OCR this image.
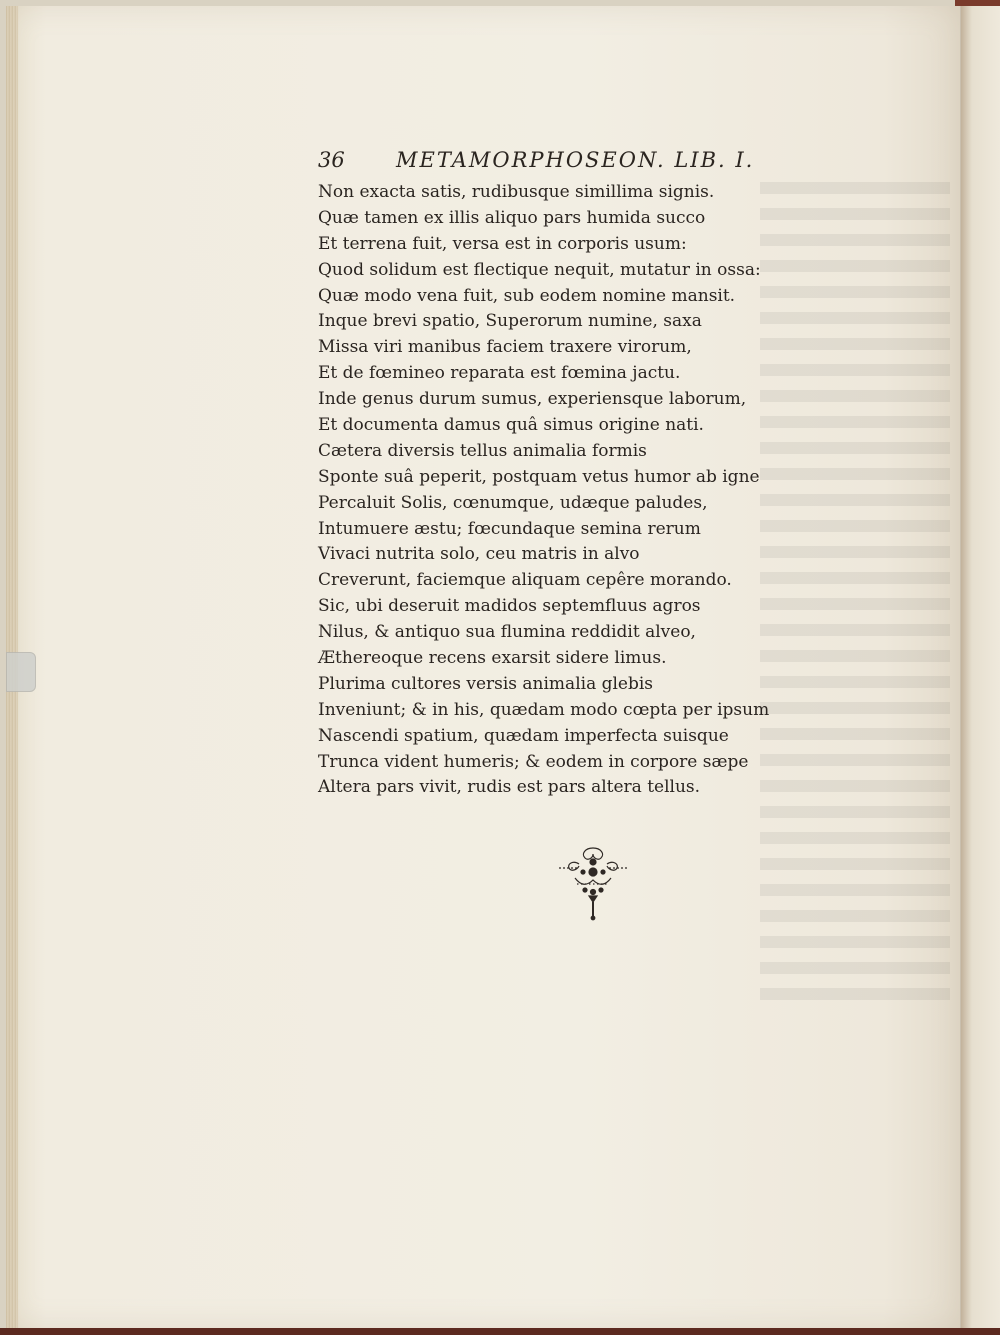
36 METAMORPHOSEON. LIB. I.
Non exacta satis, rudibusque simillima signis.
Quæ tamen ex illis aliquo pars humida succo
Et terrena fuit, versa est in corporis usum:
Quod solidum est flectique nequit, mutatur in ossa:
Quæ modo vena fuit, sub eodem nomine mansit.
Inque brevi spatio, Superorum numine, saxa
Missa viri manibus faciem traxere virorum,
Et de fœmineo reparata est fœmina jactu.
Inde genus durum sumus, experiensque laborum,
Et documenta damus quâ simus origine nati.
Cætera diversis tellus animalia formis
Sponte suâ peperit, postquam vetus humor ab igne
Percaluit Solis, cœnumque, udæque paludes,
Intumuere æstu; fœcundaque semina rerum
Vivaci nutrita solo, ceu matris in alvo
Creverunt, faciemque aliquam cepêre morando.
Sic, ubi deseruit madidos septemfluus agros
Nilus, & antiquo sua flumina reddidit alveo,
Æthereoque recens exarsit sidere limus.
Plurima cultores versis animalia glebis
Inveniunt; & in his, quædam modo cœpta per ipsum
Nascendi spatium, quædam imperfecta suisque
Trunca vident humeris; & eodem in corpore sæpe
Altera pars vivit, rudis est pars altera tellus.
